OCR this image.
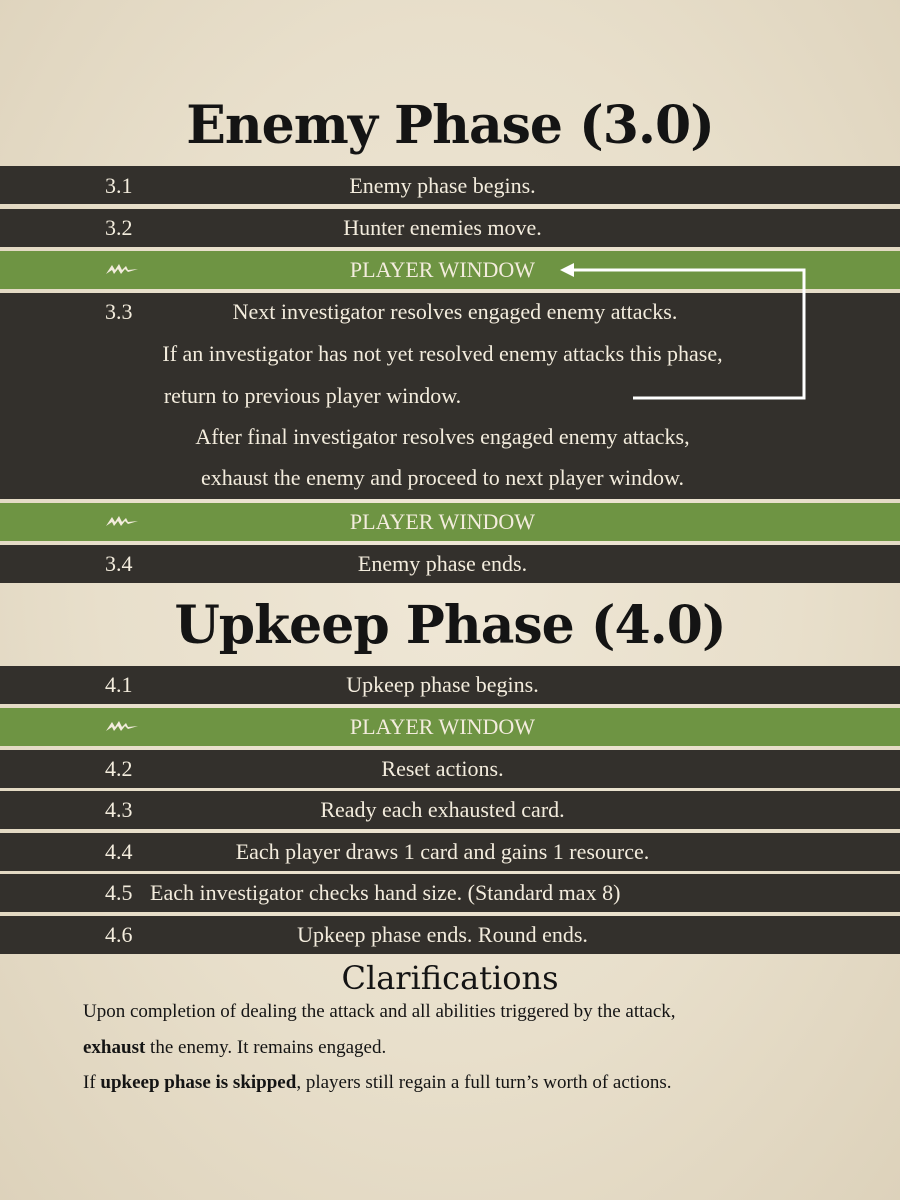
Enemy Phase (3.0)
3.1	Enemy phase begins.
3.2	Hunter enemies move.
PLAYER WINDOW
3.3	Next investigator resolves engaged enemy attacks.
If an investigator has not yet resolved enemy attacks this phase,
return to previous player window.
After final investigator resolves engaged enemy attacks,
exhaust the enemy and proceed to next player window.
PLAYER WINDOW
3.4	Enemy phase ends.
Upkeep Phase (4.0)
4.1	Upkeep phase begins.
PLAYER WINDOW
4.2	Reset actions.
4.3	Ready each exhausted card.
4.4	Each player draws 1 card and gains 1 resource.
4.5 Each investigator checks hand size. (Standard max 8)
4.6	Upkeep phase ends. Round ends.
Clarifications
Upon completion of dealing the attack and all abilities triggered by the attack,
exhaust the enemy. It remains engaged.
If upkeep phase is skipped, players still regain a full turn’s worth of actions.
